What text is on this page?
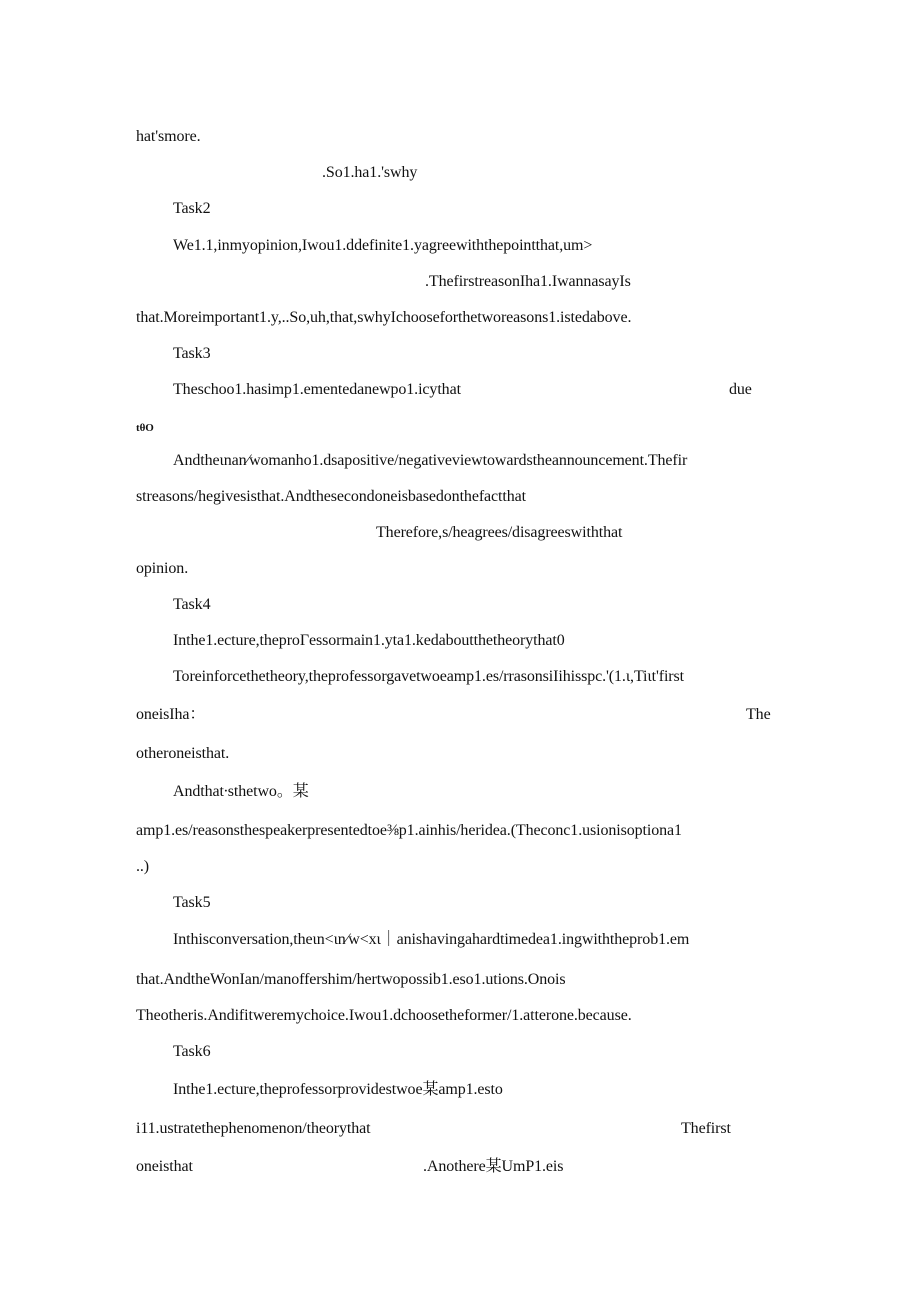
hat'smore.
.So1.ha1.'swhy
Task2
We1.1,inmyopinion,Iwou1.ddefinite1.yagreewiththepointthat,um>
.ThefirstreasonIha1.IwannasayIs
that.Moreimportant1.y,..So,uh,that,swhyIchooseforthetworeasons1.istedabove.
Task3
Theschoo1.hasimp1.ementedanewpo1.icythat	due
tθO
Andtheιnan∕womanho1.dsapositive/negativeviewtowardstheannouncement.Thefir
streasons/hegivesisthat.Andthesecondoneisbasedonthefactthat
Therefore,s/heagrees/disagreeswiththat
opinion.
Task4
Inthe1.ecture,theproΓessormain1.yta1.kedaboutthetheorythat0
Toreinforcethetheory,theprofessorgavetwoeamp1.es/rrasonsiIihisspc.'(1.ι,Tiιt'first
oneisIha：	The
otheroneisthat.
Andthat∙sthetwo。某
amp1.es/reasonsthespeakerpresentedtoe⅜p1.ainhis/heridea.(Theconc1.usionisoptiona1
..)
Task5
Inthisconversation,theιn<ιn∕w<xι｜anishavingahardtimedea1.ingwiththeprob1.em
that.AndtheWonIan/manoffershim/hertwopossib1.eso1.utions.Onois
Theotheris.Andifitweremychoice.Iwou1.dchoosetheformer/1.atterone.because.
Task6
Inthe1.ecture,theprofessorprovidestwoe某amp1.esto
i11.ustratethephenomenon/theorythat	Thefirst
oneisthat	.Anothere某UmP1.eis
